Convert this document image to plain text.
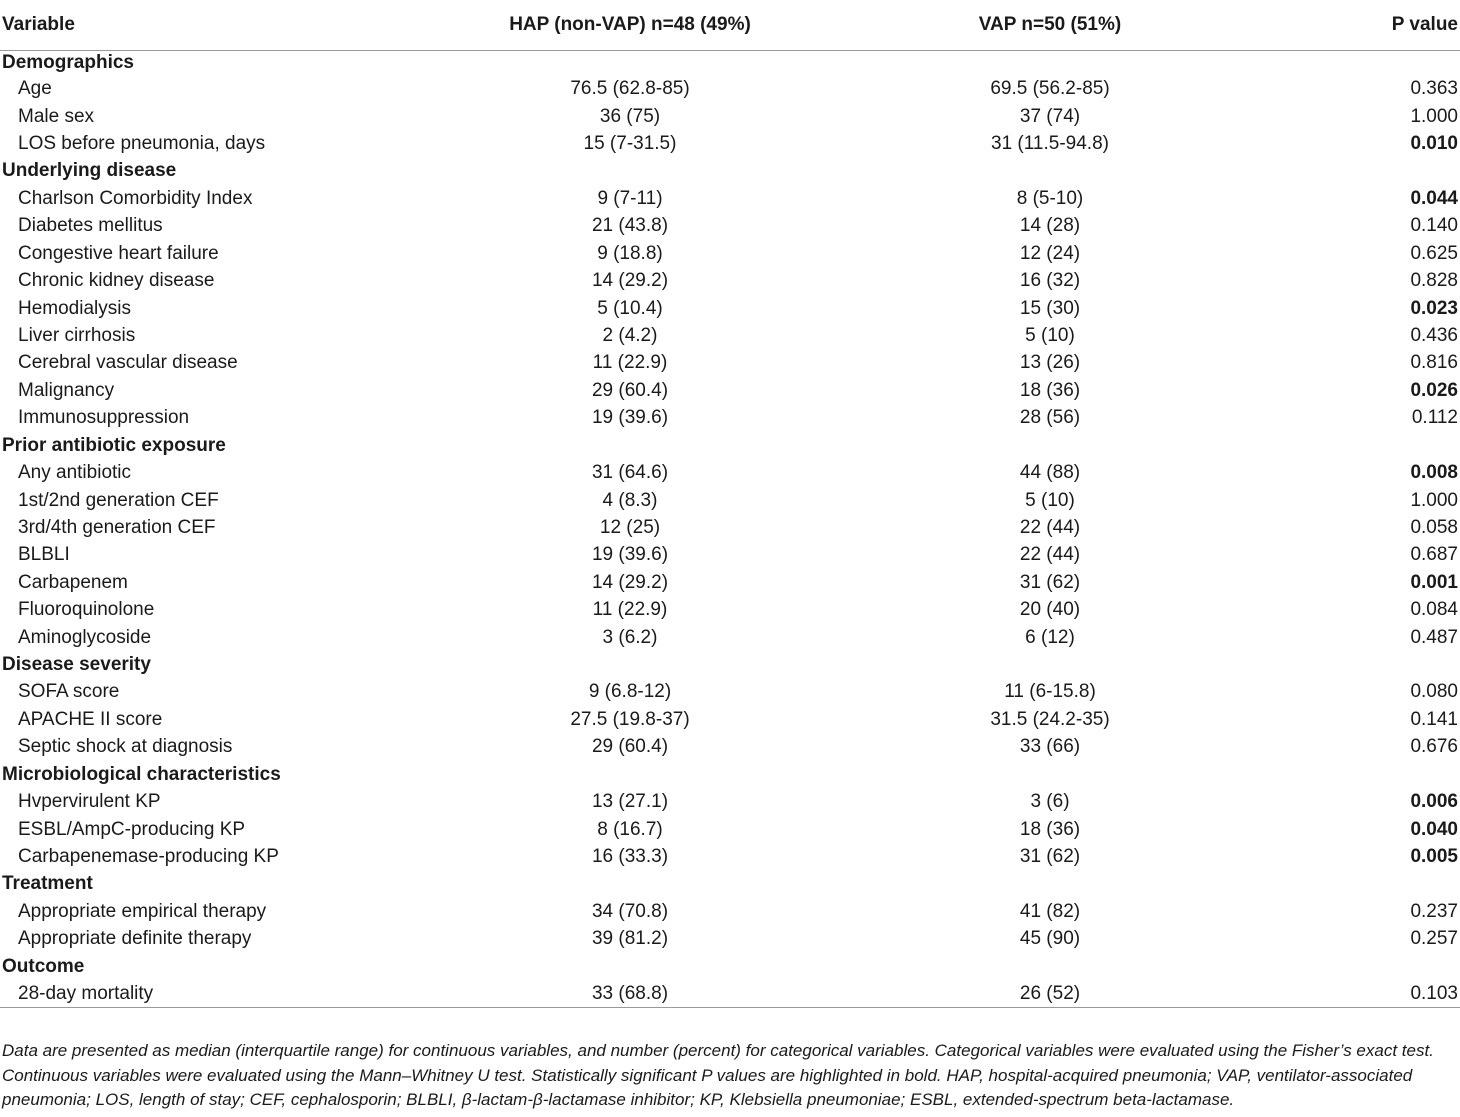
Variable	HAP (non-VAP) n=48 (49%)	VAP n=50 (51%)	P value
Demographics			
Age	76.5 (62.8-85)	69.5 (56.2-85)	0.363
Male sex	36 (75)	37 (74)	1.000
LOS before pneumonia, days	15 (7-31.5)	31 (11.5-94.8)	0.010
Underlying disease			
Charlson Comorbidity Index	9 (7-11)	8 (5-10)	0.044
Diabetes mellitus	21 (43.8)	14 (28)	0.140
Congestive heart failure	9 (18.8)	12 (24)	0.625
Chronic kidney disease	14 (29.2)	16 (32)	0.828
Hemodialysis	5 (10.4)	15 (30)	0.023
Liver cirrhosis	2 (4.2)	5 (10)	0.436
Cerebral vascular disease	11 (22.9)	13 (26)	0.816
Malignancy	29 (60.4)	18 (36)	0.026
Immunosuppression	19 (39.6)	28 (56)	0.112
Prior antibiotic exposure			
Any antibiotic	31 (64.6)	44 (88)	0.008
1st/2nd generation CEF	4 (8.3)	5 (10)	1.000
3rd/4th generation CEF	12 (25)	22 (44)	0.058
BLBLI	19 (39.6)	22 (44)	0.687
Carbapenem	14 (29.2)	31 (62)	0.001
Fluoroquinolone	11 (22.9)	20 (40)	0.084
Aminoglycoside	3 (6.2)	6 (12)	0.487
Disease severity			
SOFA score	9 (6.8-12)	11 (6-15.8)	0.080
APACHE II score	27.5 (19.8-37)	31.5 (24.2-35)	0.141
Septic shock at diagnosis	29 (60.4)	33 (66)	0.676
Microbiological characteristics			
Hvpervirulent KP	13 (27.1)	3 (6)	0.006
ESBL/AmpC-producing KP	8 (16.7)	18 (36)	0.040
Carbapenemase-producing KP	16 (33.3)	31 (62)	0.005
Treatment			
Appropriate empirical therapy	34 (70.8)	41 (82)	0.237
Appropriate definite therapy	39 (81.2)	45 (90)	0.257
Outcome			
28-day mortality	33 (68.8)	26 (52)	0.103
Data are presented as median (interquartile range) for continuous variables, and number (percent) for categorical variables. Categorical variables were evaluated using the Fisher’s exact test. Continuous variables were evaluated using the Mann–Whitney U test. Statistically significant P values are highlighted in bold. HAP, hospital-acquired pneumonia; VAP, ventilator-associated pneumonia; LOS, length of stay; CEF, cephalosporin; BLBLI, β-lactam-β-lactamase inhibitor; KP, Klebsiella pneumoniae; ESBL, extended-spectrum beta-lactamase.
